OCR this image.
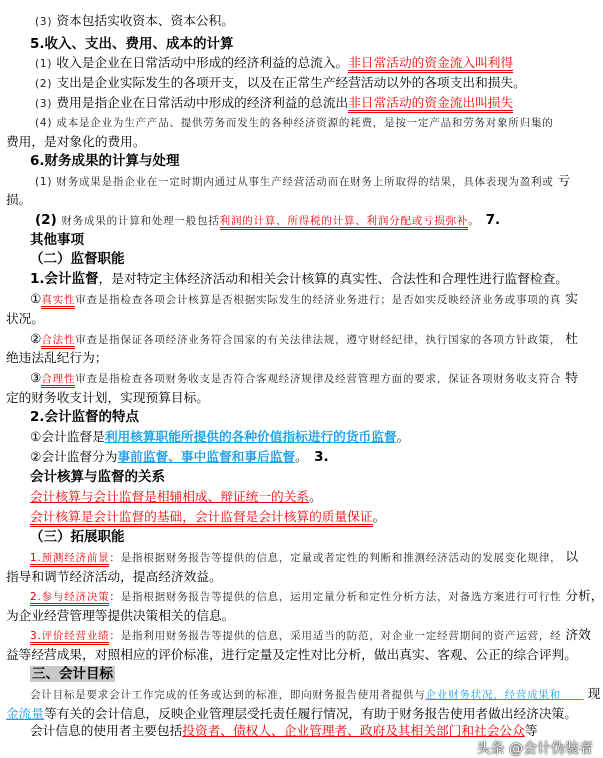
(3) 资本包括实收资本、资本公积。
5.收入、支出、费用、成本的计算
(1) 收入是企业在日常活动中形成的经济利益的总流入。非日常活动的资金流入叫利得
(2) 支出是企业实际发生的各项开支，以及在正常生产经营活动以外的各项支出和损失。
(3) 费用是指企业在日常活动中形成的经济利益的总流出非日常活动的资金流出叫损失
(4) 成本是企业为生产产品、提供劳务而发生的各种经济资源的耗费，是按一定产品和劳务对象所归集的
费用，是对象化的费用。
6.财务成果的计算与处理
(1) 财务成果是指企业在一定时期内通过从事生产经营活动而在财务上所取得的结果，具体表现为盈利或 亏
损。
(2) 财务成果的计算和处理一般包括利润的计算、所得税的计算、利润分配或亏损弥补。　7.
其他事项
（二）监督职能
1.会计监督，是对特定主体经济活动和相关会计核算的真实性、合法性和合理性进行监督检查。
①真实性审查是指检查各项会计核算是否根据实际发生的经济业务进行；是否如实反映经济业务或事项的真 实
状况。
②合法性审查是指保证各项经济业务符合国家的有关法律法规，遵守财经纪律，执行国家的各项方针政策， 杜
绝违法乱纪行为；
③合理性审查是指检查各项财务收支是否符合客观经济规律及经营管理方面的要求，保证各项财务收支符合 特
定的财务收支计划，实现预算目标。
2.会计监督的特点
①会计监督是利用核算职能所提供的各种价值指标进行的货币监督。
②会计监督分为事前监督、事中监督和事后监督。　3.
会计核算与监督的关系
会计核算与会计监督是相辅相成、辩证统一的关系。
会计核算是会计监督的基础，会计监督是会计核算的质量保证。
（三）拓展职能
1.预测经济前景：是指根据财务报告等提供的信息，定量或者定性的判断和推测经济活动的发展变化规律， 以
指导和调节经济活动，提高经济效益。
2.参与经济决策：是指根据财务报告等提供的信息，运用定量分析和定性分析方法，对备选方案进行可行性 分析，
为企业经营管理等提供决策相关的信息。
3.评价经营业绩：是指利用财务报告等提供的信息，采用适当的防范，对企业一定经营期间的资产运营，经 济效
益等经营成果，对照相应的评价标准，进行定量及定性对比分析，做出真实、客观、公正的综合评判。
三、会计目标
会计目标是要求会计工作完成的任务或达到的标准，即向财务报告使用者提供与企业财务状况、经营成果和　　现
金流量等有关的会计信息，反映企业管理层受托责任履行情况，有助于财务报告使用者做出经济决策。
会计信息的使用者主要包括投资者、债权人、企业管理者、政府及其相关部门和社会公众等
头条 @会计伪装者
